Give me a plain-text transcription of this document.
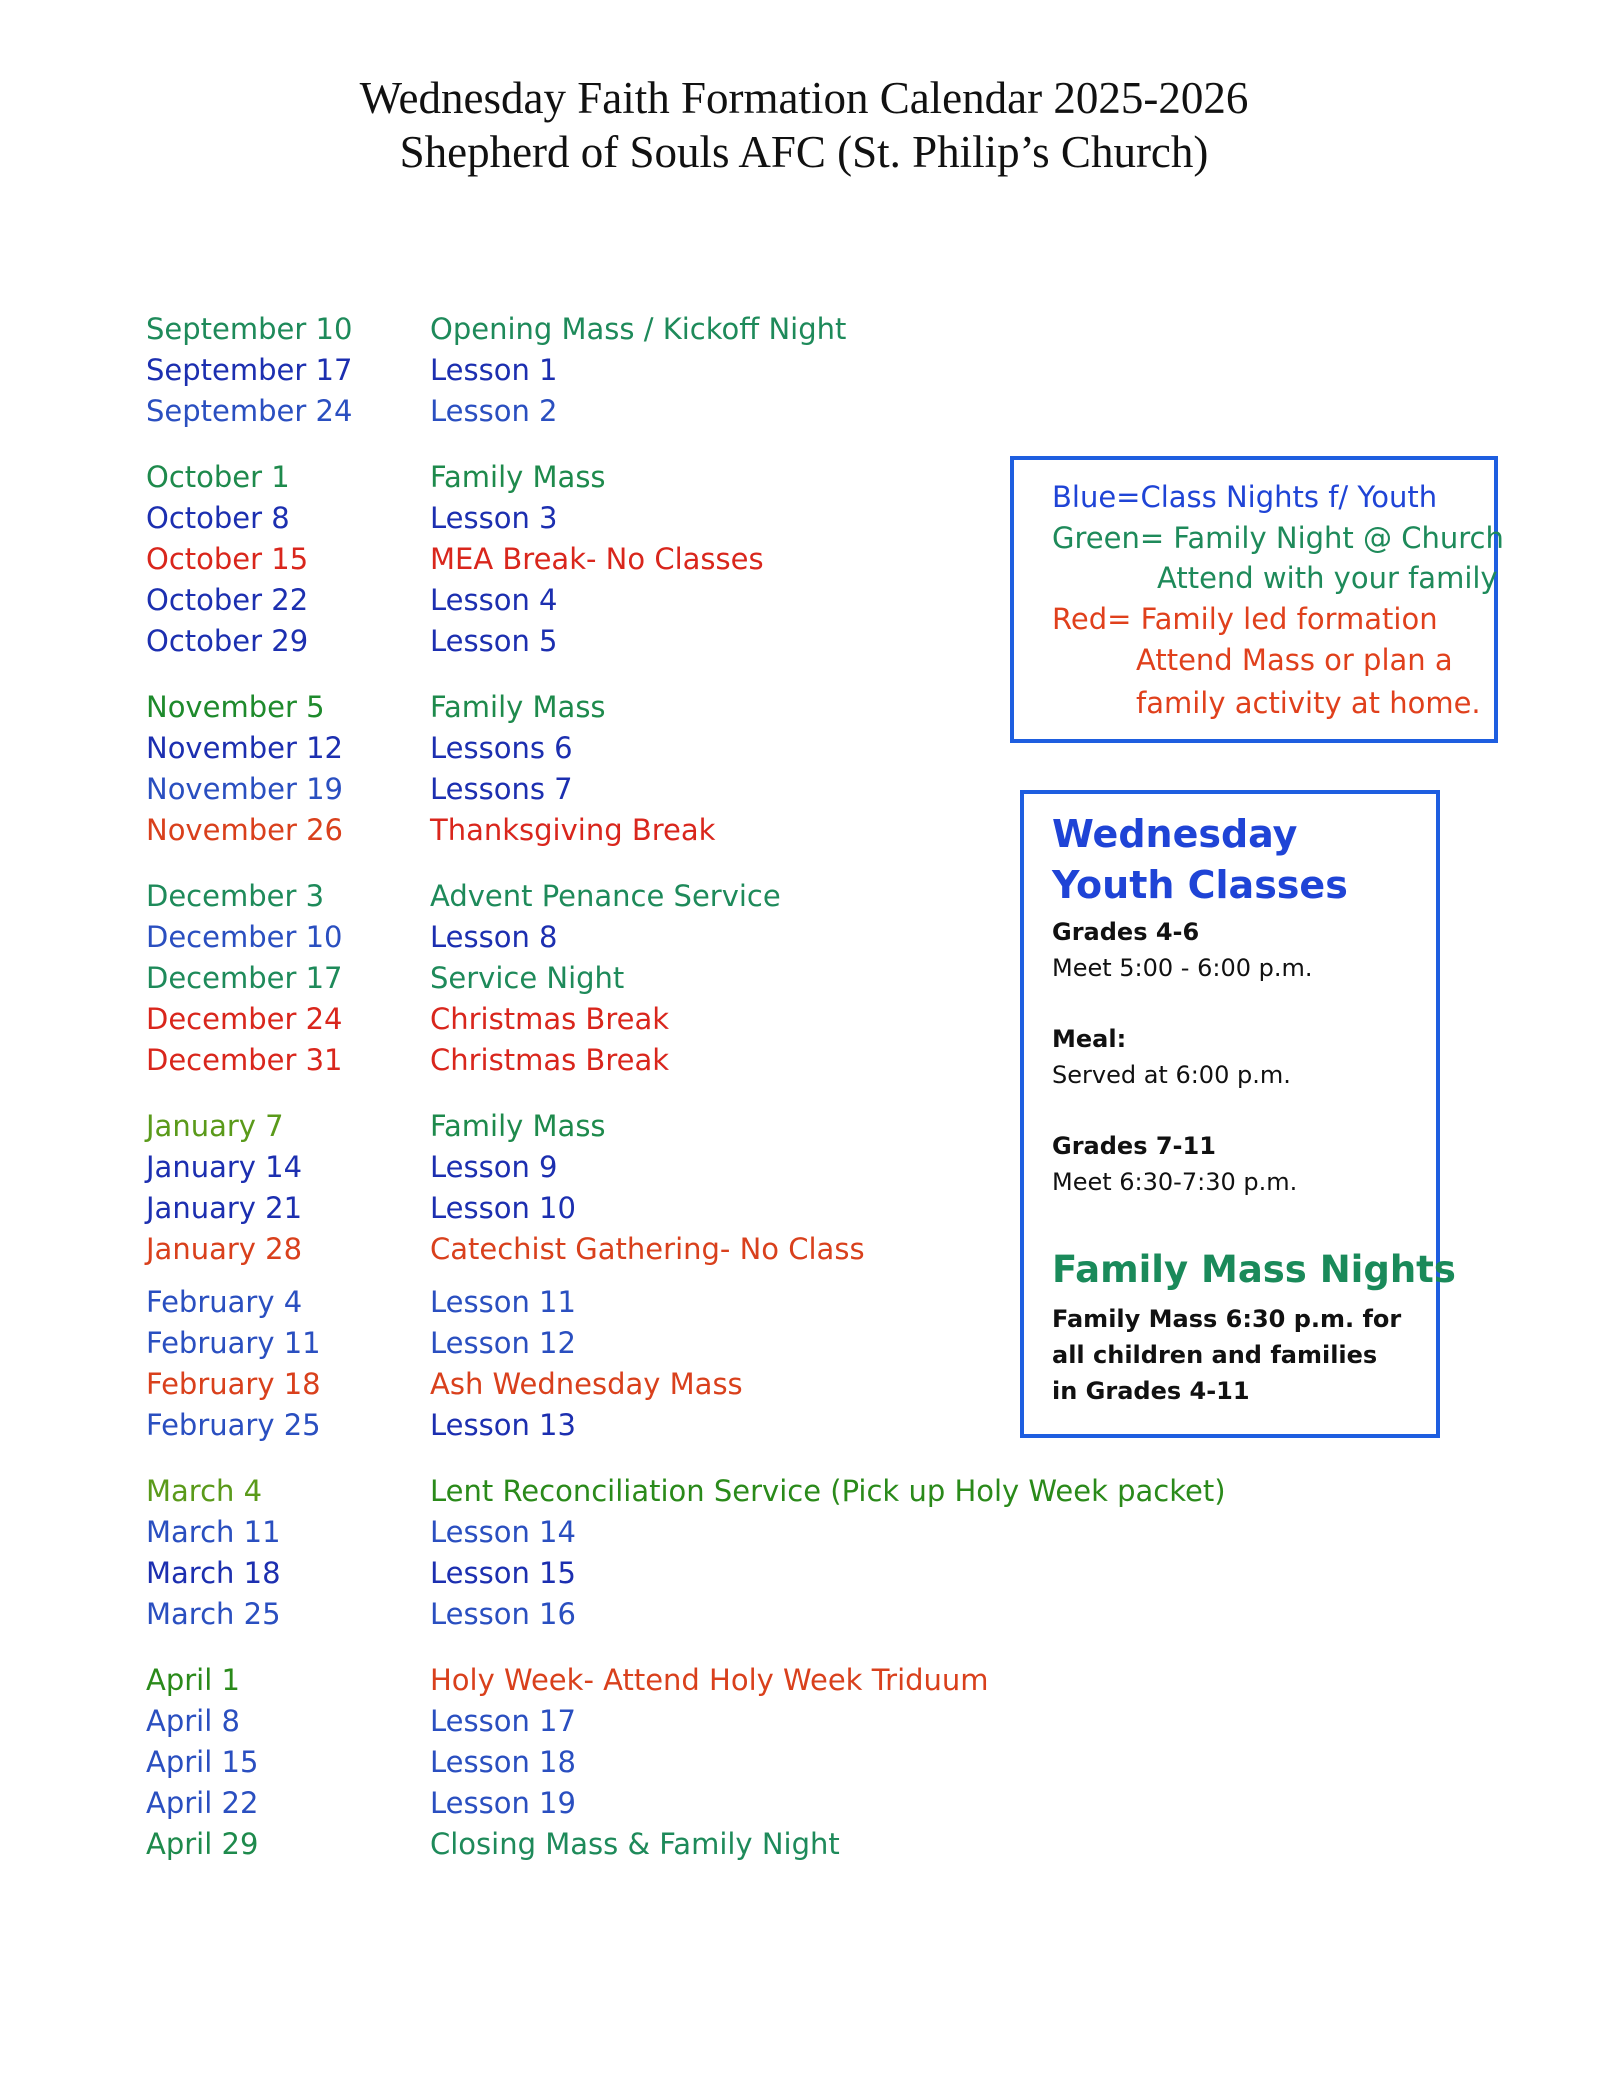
Wednesday Faith Formation Calendar 2025-2026
Shepherd of Souls AFC (St. Philip’s Church)
September 10	Opening Mass / Kickoff Night
September 17	Lesson 1
September 24	Lesson 2
October 1	Family Mass
October 8	Lesson 3
October 15	MEA Break- No Classes
October 22	Lesson 4
October 29	Lesson 5
November 5	Family Mass
November 12	Lessons 6
November 19	Lessons 7
November 26	Thanksgiving Break
December 3	Advent Penance Service
December 10	Lesson 8
December 17	Service Night
December 24	Christmas Break
December 31	Christmas Break
January 7	Family Mass
January 14	Lesson 9
January 21	Lesson 10
January 28	Catechist Gathering- No Class
February 4	Lesson 11
February 11	Lesson 12
February 18	Ash Wednesday Mass
February 25	Lesson 13
March 4	Lent Reconciliation Service (Pick up Holy Week packet)
March 11	Lesson 14
March 18	Lesson 15
March 25	Lesson 16
April 1	Holy Week- Attend Holy Week Triduum
April 8	Lesson 17
April 15	Lesson 18
April 22	Lesson 19
April 29	Closing Mass & Family Night
Blue=Class Nights f/ Youth
Green= Family Night @ Church
Attend with your family
Red= Family led formation
Attend Mass or plan a
family activity at home.
Wednesday
Youth Classes
Grades 4-6
Meet 5:00 - 6:00 p.m.
Meal:
Served at 6:00 p.m.
Grades 7-11
Meet 6:30-7:30 p.m.
Family Mass Nights
Family Mass 6:30 p.m. for
all children and families
in Grades 4-11
